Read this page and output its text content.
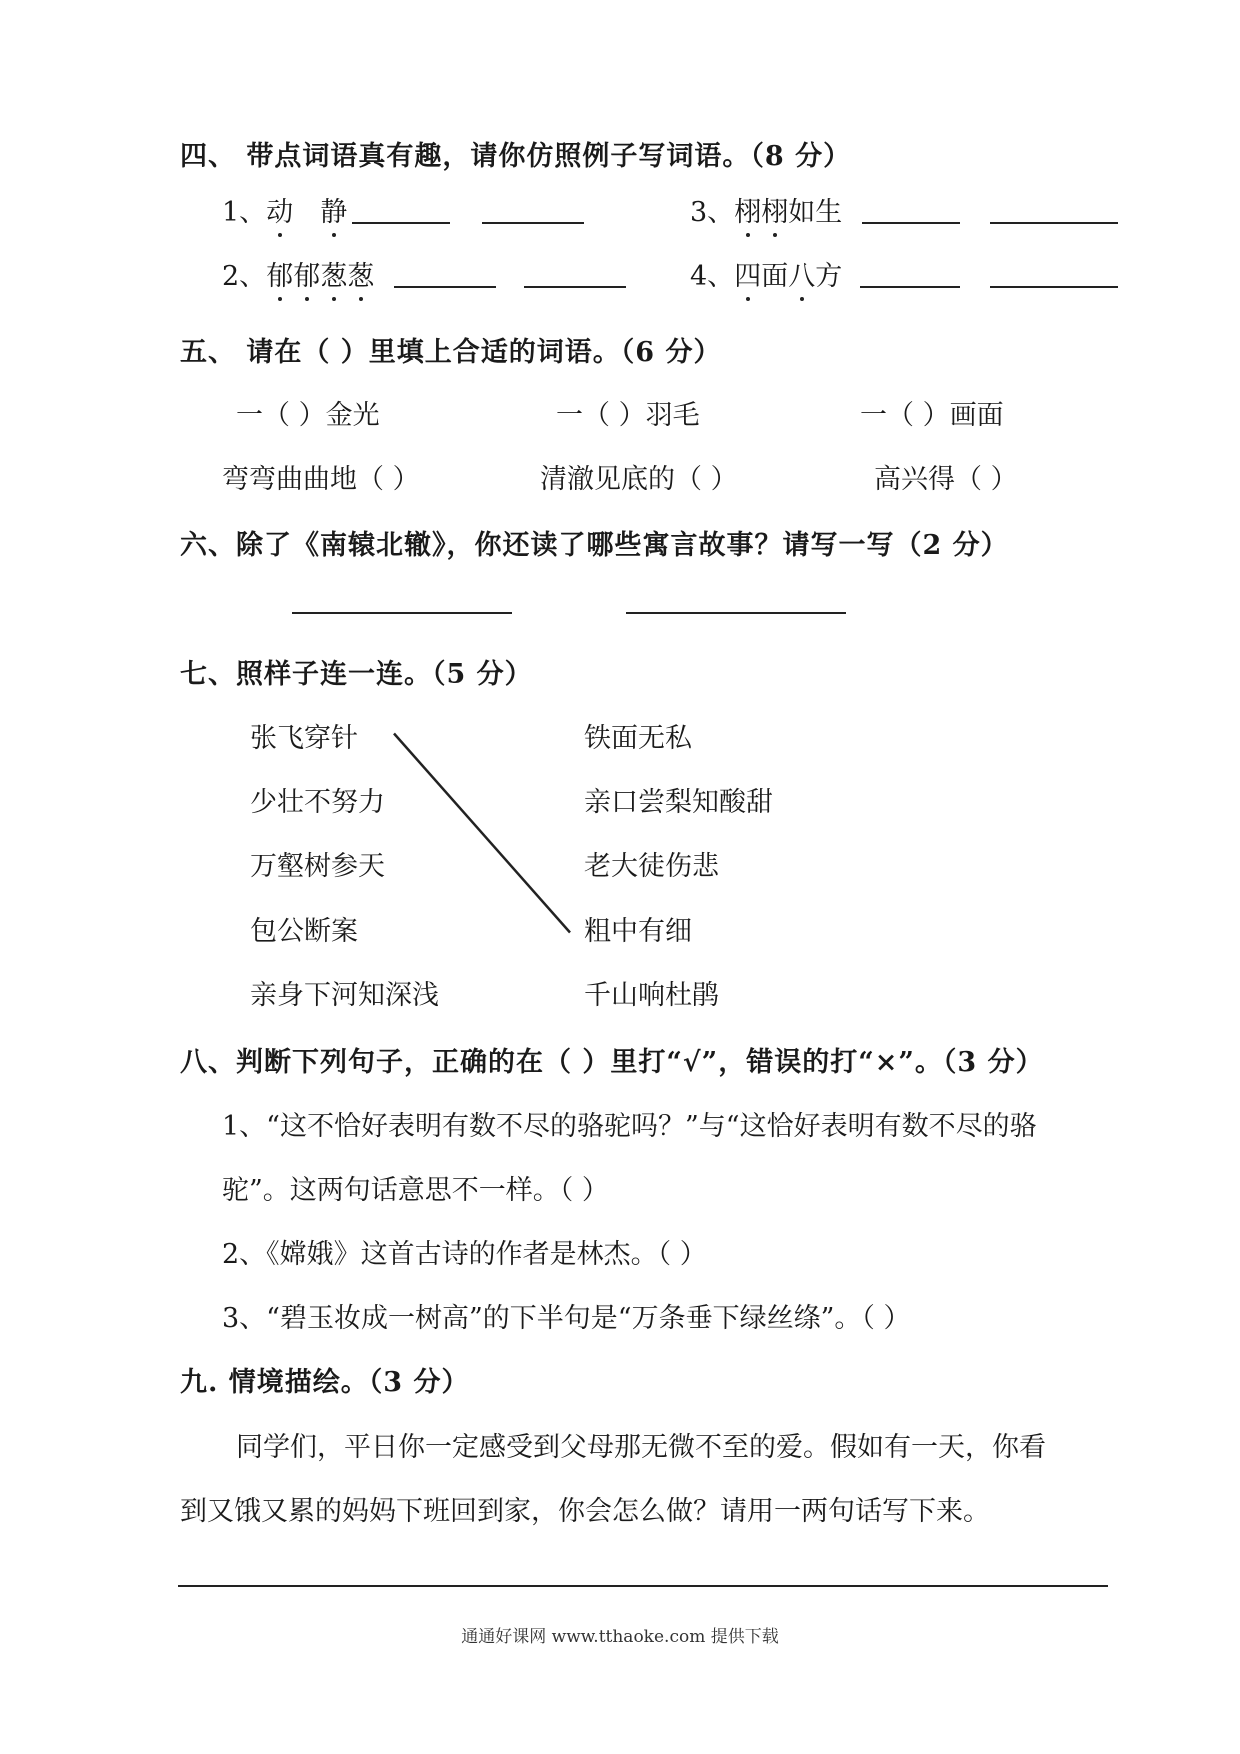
四、 带点词语真有趣，请你仿照例子写词语。（8 分）
1、动  静	3、栩栩如生
2、郁郁葱葱	4、四面八方
五、 请在（ ）里填上合适的词语。（6 分）
一（ ）金光	一（ ）羽毛	一（ ）画面
弯弯曲曲地（ ）	清澈见底的（ ）	高兴得（ ）
六、除了《南辕北辙》，你还读了哪些寓言故事？请写一写（2 分）
七、照样子连一连。（5 分）
张飞穿针
少壮不努力
万壑树参天
包公断案
亲身下河知深浅
铁面无私
亲口尝梨知酸甜
老大徒伤悲
粗中有细
千山响杜鹃
八、判断下列句子，正确的在（ ）里打“√”，错误的打“×”。（3 分）
1、“这不恰好表明有数不尽的骆驼吗？”与“这恰好表明有数不尽的骆
驼”。这两句话意思不一样。（ ）
2、《嫦娥》这首古诗的作者是林杰。（ ）
3、“碧玉妆成一树高”的下半句是“万条垂下绿丝绦”。（ ）
九. 情境描绘。（3 分）
同学们，平日你一定感受到父母那无微不至的爱。假如有一天，你看
到又饿又累的妈妈下班回到家，你会怎么做？请用一两句话写下来。
通通好课网 www.tthaoke.com 提供下载
